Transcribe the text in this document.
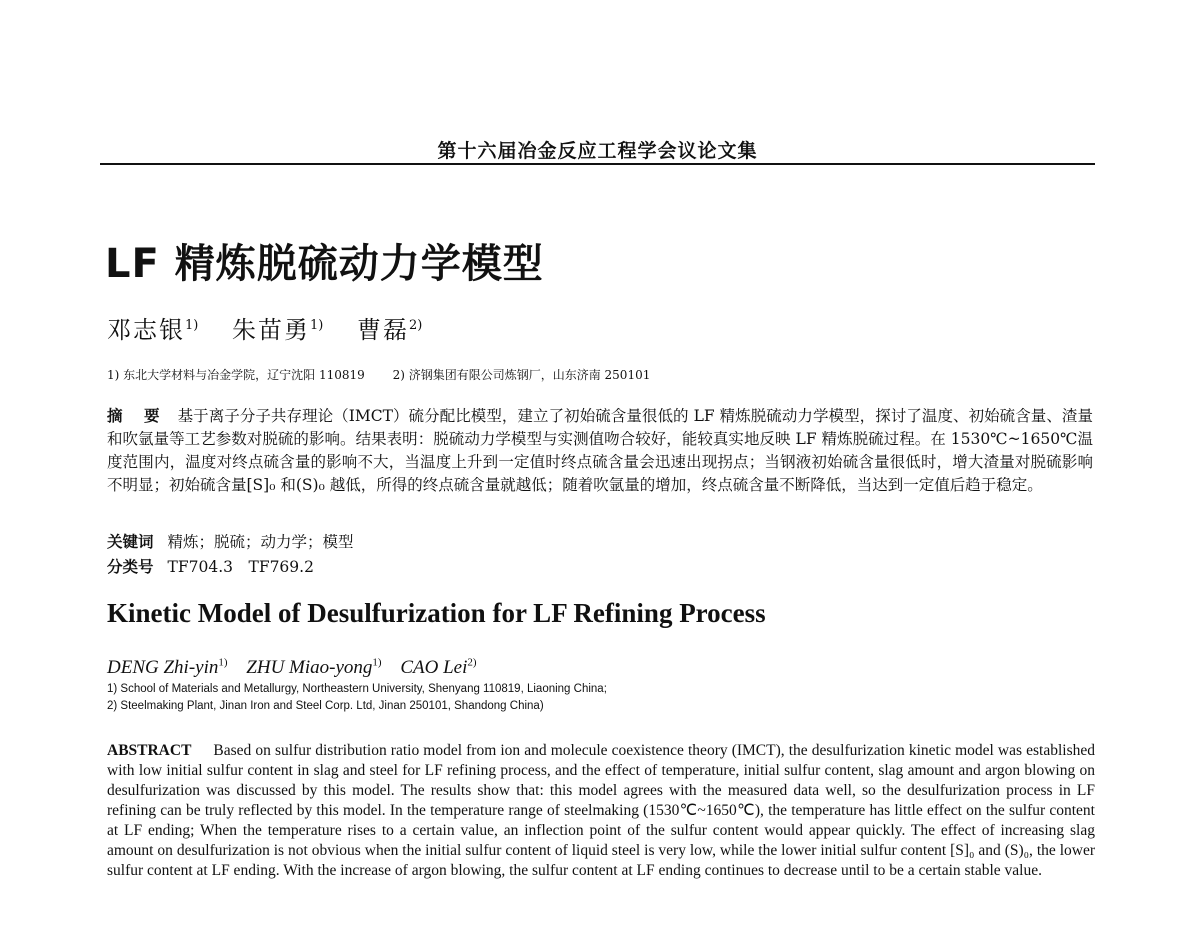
第十六届冶金反应工程学会议论文集
LF 精炼脱硫动力学模型
邓志银$^{1)}$ 朱苗勇$^{1)}$ 曹磊$^{2)}$
1) 东北大学材料与冶金学院，辽宁沈阳 110819 2) 济钢集团有限公司炼钢厂，山东济南 250101
摘 要 基于离子分子共存理论（IMCT）硫分配比模型，建立了初始硫含量很低的 LF 精炼脱硫动力学模型，探讨了温度、初始硫含量、渣量和吹氩量等工艺参数对脱硫的影响。结果表明：脱硫动力学模型与实测值吻合较好，能较真实地反映 LF 精炼脱硫过程。在 1530℃~1650℃温度范围内，温度对终点硫含量的影响不大，当温度上升到一定值时终点硫含量会迅速出现拐点；当钢液初始硫含量很低时，增大渣量对脱硫影响不明显；初始硫含量[S]₀ 和(S)₀ 越低，所得的终点硫含量就越低；随着吹氩量的增加，终点硫含量不断降低，当达到一定值后趋于稳定。
关键词 精炼；脱硫；动力学；模型
分类号 TF704.3　TF769.2
Kinetic Model of Desulfurization for LF Refining Process
DENG Zhi-yin$^{1)}$ ZHU Miao-yong$^{1)}$ CAO Lei$^{2)}$
1) School of Materials and Metallurgy, Northeastern University, Shenyang 110819, Liaoning China;
2) Steelmaking Plant, Jinan Iron and Steel Corp. Ltd, Jinan 250101, Shandong China)
ABSTRACT Based on sulfur distribution ratio model from ion and molecule coexistence theory (IMCT), the desulfurization kinetic model was established with low initial sulfur content in slag and steel for LF refining process, and the effect of temperature, initial sulfur content, slag amount and argon blowing on desulfurization was discussed by this model. The results show that: this model agrees with the measured data well, so the desulfurization process in LF refining can be truly reflected by this model. In the temperature range of steelmaking (1530℃~1650℃), the temperature has little effect on the sulfur content at LF ending; When the temperature rises to a certain value, an inflection point of the sulfur content would appear quickly. The effect of increasing slag amount on desulfurization is not obvious when the initial sulfur content of liquid steel is very low, while the lower initial sulfur content [S]₀ and (S)₀, the lower sulfur content at LF ending. With the increase of argon blowing, the sulfur content at LF ending continues to decrease until to be a certain stable value.
